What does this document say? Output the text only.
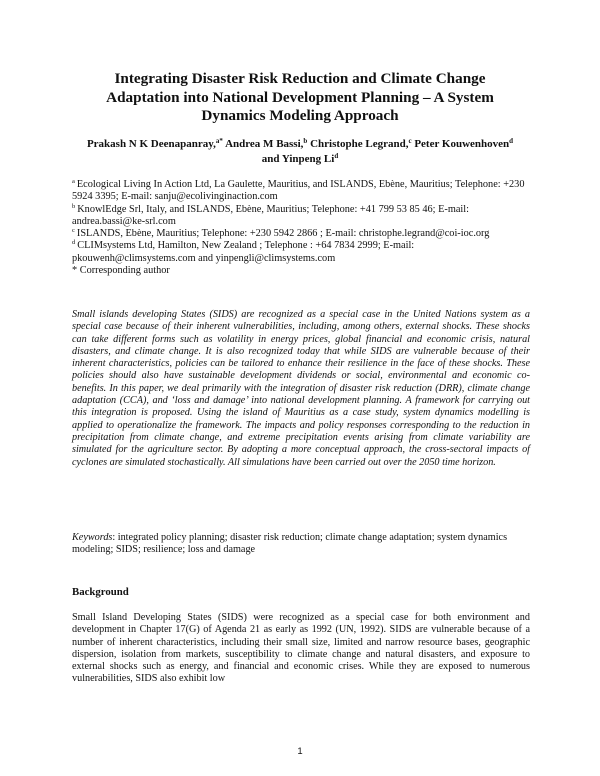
Integrating Disaster Risk Reduction and Climate Change
Adaptation into National Development Planning – A System
Dynamics Modeling Approach
Prakash N K Deenapanray,$^{a*}$ Andrea M Bassi,$^b$ Christophe Legrand,$^c$ Peter Kouwenhoven$^d$
and Yinpeng Li$^d$

$^a$ Ecological Living In Action Ltd, La Gaulette, Mauritius, and ISLANDS, Ebène, Mauritius; Telephone: +230 5924 3395; E-mail: sanju@ecolivinginaction.com

$^b$ KnowlEdge Srl, Italy, and ISLANDS, Ebène, Mauritius; Telephone: +41 799 53 85 46; E-mail: andrea.bassi@ke-srl.com

$^c$ ISLANDS, Ebène, Mauritius; Telephone: +230 5942 2866 ; E-mail: christophe.legrand@coi-ioc.org

$^d$ CLIMsystems Ltd, Hamilton, New Zealand ; Telephone : +64 7834 2999; E-mail: pkouwenh@climsystems.com and yinpengli@climsystems.com

* Corresponding author

Small islands developing States (SIDS) are recognized as a special case in the United Nations system as a special case because of their inherent vulnerabilities, including, among others, external shocks. These shocks can take different forms such as volatility in energy prices, global financial and economic crisis, natural disasters, and climate change. It is also recognized today that while SIDS are vulnerable because of their inherent characteristics, policies can be tailored to enhance their resilience in the face of these shocks. These policies should also have sustainable development dividends or social, environmental and economic co-benefits. In this paper, we deal primarily with the integration of disaster risk reduction (DRR), climate change adaptation (CCA), and ‘loss and damage’ into national development planning. A framework for carrying out this integration is proposed. Using the island of Mauritius as a case study, system dynamics modelling is applied to operationalize the framework. The impacts and policy responses corresponding to the reduction in precipitation from climate change, and extreme precipitation events arising from climate variability are simulated for the agriculture sector. By adopting a more conceptual approach, the cross-sectoral impacts of cyclones are simulated stochastically. All simulations have been carried out over the 2050 time horizon.

Keywords: integrated policy planning; disaster risk reduction; climate change adaptation; system dynamics modeling; SIDS; resilience; loss and damage

Background

Small Island Developing States (SIDS) were recognized as a special case for both environment and development in Chapter 17(G) of Agenda 21 as early as 1992 (UN, 1992). SIDS are vulnerable because of a number of inherent characteristics, including their small size, limited and narrow resource bases, geographic dispersion, isolation from markets, susceptibility to climate change and natural disasters, and exposure to external shocks such as energy, and financial and economic crises. While they are exposed to numerous vulnerabilities, SIDS also exhibit low

1
